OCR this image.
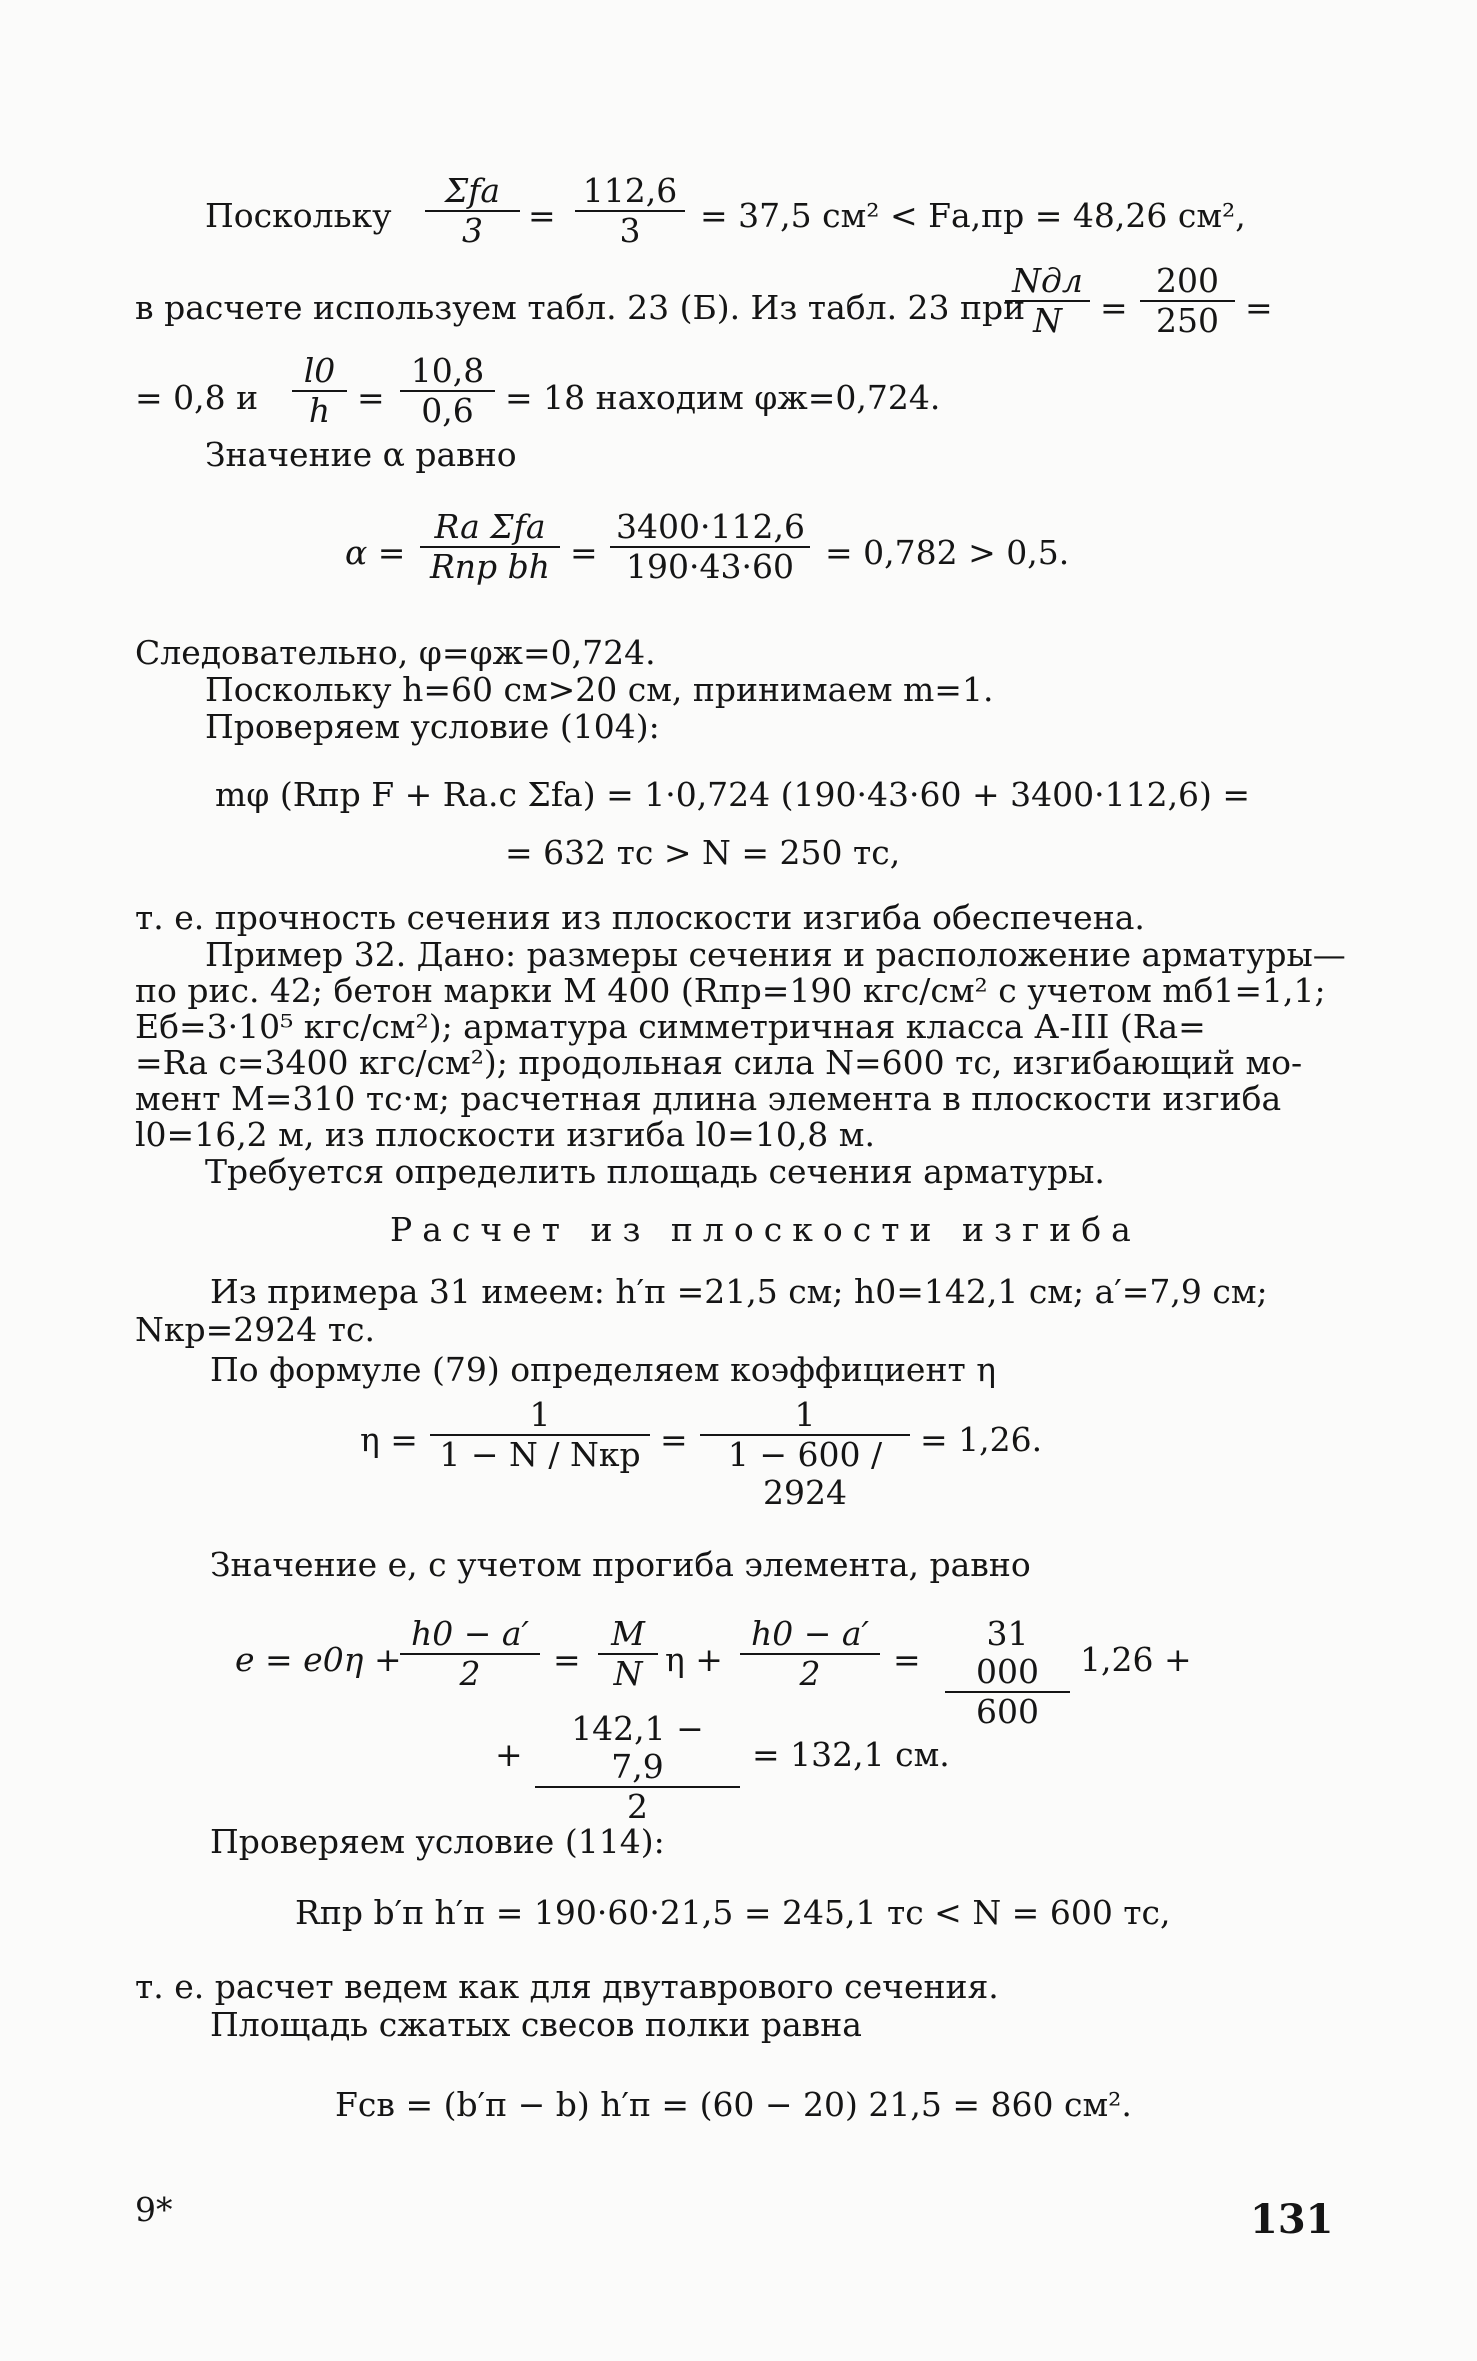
Поскольку
Σfa
3	= $\frac{112,6}{3} = 37,5$ см² < Fа,пр = 48,26 см²,
в расчете используем табл. 23 (Б). Из табл. 23 при
Nдл
N	= $\frac{200}{250}$ =
= 0,8 и $\frac{l0}{h} = \frac{10,8}{0,6} = 18$ находим φж=0,724.
Значение α равно
α =
Ra Σfa
Rпр bh = $\frac{3400\cdot 112,6}{190\cdot 43\cdot 60} = 0,782 > 0,5$.
Следовательно, φ=φж=0,724.
Поскольку h=60 см>20 см, принимаем m=1.
Проверяем условие (104):
mφ (Rпр F + Ra.c Σfa) = 1·0,724 (190·43·60 + 3400·112,6) =
= 632 тс > N = 250 тс,
т. е. прочность сечения из плоскости изгиба обеспечена.
Пример 32. Дано: размеры сечения и расположение арматуры—
по рис. 42; бетон марки М 400 (Rпр=190 кгс/см² с учетом mб1=1,1;
Eб=3·10⁵ кгс/см²); арматура симметричная класса А-III (Ra=
=Ra c=3400 кгс/см²); продольная сила N=600 тс, изгибающий мо-
мент M=310 тс·м; расчетная длина элемента в плоскости изгиба
l0=16,2 м, из плоскости изгиба l0=10,8 м.
Требуется определить площадь сечения арматуры.
Расчет из плоскости изгиба
Из примера 31 имеем: h′п =21,5 см; h0=142,1 см; a′=7,9 см;
Nкр=2924 тс.
По формуле (79) определяем коэффициент η
η =
1
1 − N / Nкр = $\frac{1}{1 - 600 / 2924} = 1,26$.
Значение e, с учетом прогиба элемента, равно
e = e0η +
$\frac{h0 - a'}{2} = \frac{M}{N}$ $\eta + \frac{h0 - a'}{2} = \frac{31 000}{600} 1,26$ +
+ $\frac{142,1 - 7,9}{2} = 132,1$ см.
Проверяем условие (114):
Rпр b′п h′п = 190·60·21,5 = 245,1 тс < N = 600 тс,
т. е. расчет ведем как для двутаврового сечения.
Площадь сжатых свесов полки равна
Fсв = (b′п − b) h′п = (60 − 20) 21,5 = 860 см².
9*	131
